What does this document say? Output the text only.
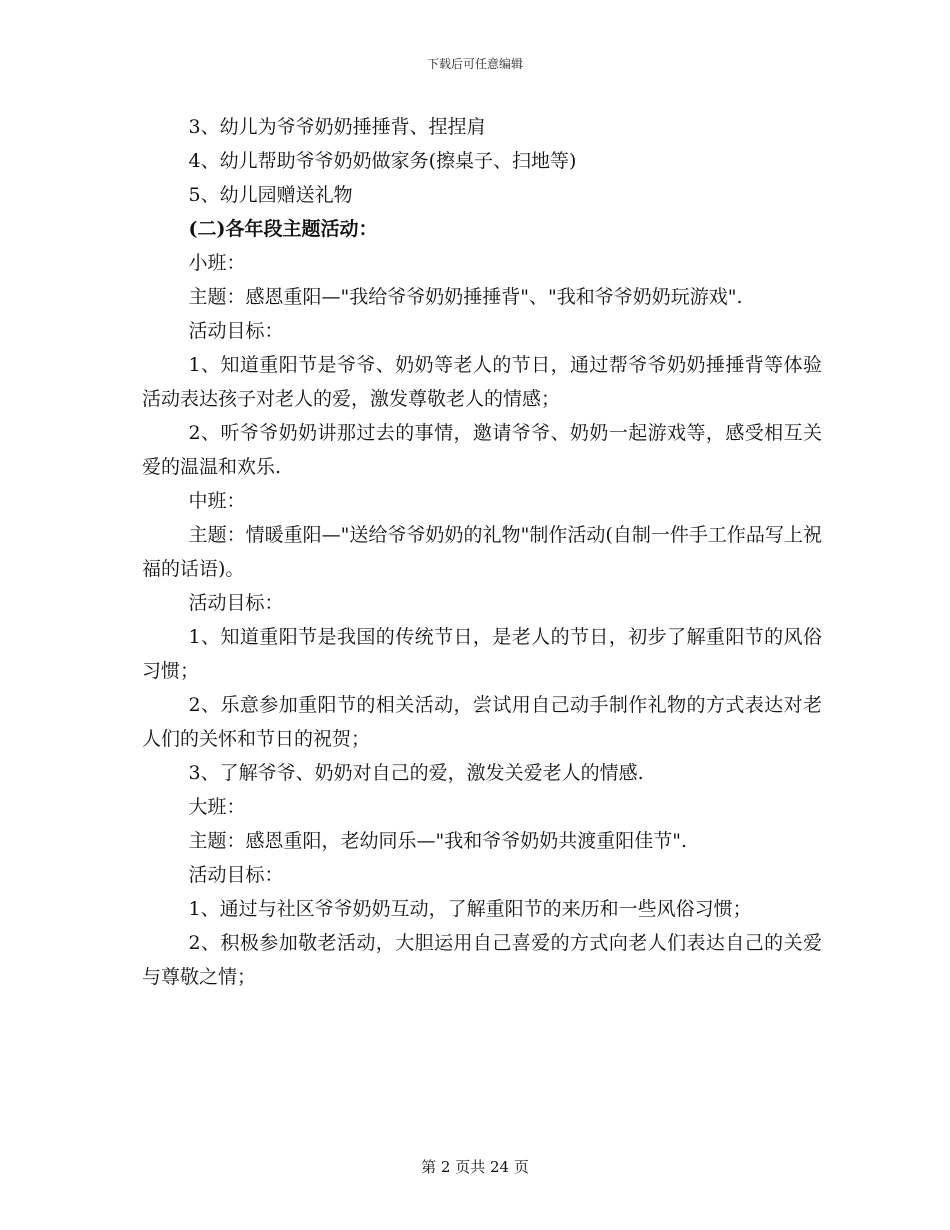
下载后可任意编辑

3、幼儿为爷爷奶奶捶捶背、捏捏肩

4、幼儿帮助爷爷奶奶做家务(擦桌子、扫地等)

5、幼儿园赠送礼物

(二)各年段主题活动：

小班：

主题：感恩重阳—"我给爷爷奶奶捶捶背"、"我和爷爷奶奶玩游戏".

活动目标：

1、知道重阳节是爷爷、奶奶等老人的节日，通过帮爷爷奶奶捶捶背等体验活动表达孩子对老人的爱，激发尊敬老人的情感；

2、听爷爷奶奶讲那过去的事情，邀请爷爷、奶奶一起游戏等，感受相互关爱的温温和欢乐.

中班：

主题：情暖重阳—"送给爷爷奶奶的礼物"制作活动(自制一件手工作品写上祝福的话语)。

活动目标：

1、知道重阳节是我国的传统节日，是老人的节日，初步了解重阳节的风俗习惯；

2、乐意参加重阳节的相关活动，尝试用自己动手制作礼物的方式表达对老人们的关怀和节日的祝贺；

3、了解爷爷、奶奶对自己的爱，激发关爱老人的情感.

大班：

主题：感恩重阳，老幼同乐—"我和爷爷奶奶共渡重阳佳节".

活动目标：

1、通过与社区爷爷奶奶互动，了解重阳节的来历和一些风俗习惯；

2、积极参加敬老活动，大胆运用自己喜爱的方式向老人们表达自己的关爱与尊敬之情；

第 2 页共 24 页
